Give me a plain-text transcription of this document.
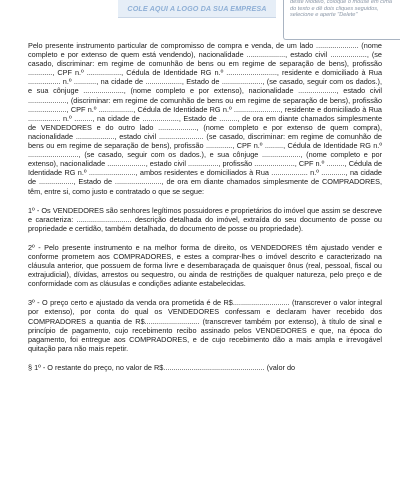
COLE AQUI A LOGO DA SUA EMPRESA
deste Modelo, coloque o mouse em cima do texto e dê dois cliques seguidos, selecione e aperte "Delete"

Pelo presente instrumento particular de compromisso de compra e venda, de um lado ..................... (nome completo e por extenso de quem está vendendo), nacionalidade ..................., estado civil .................., (se casado, discriminar: em regime de comunhão de bens ou em regime de separação de bens), profissão ............, CPF n.º ................., Cédula de Identidade RG n.º ........................., residente e domiciliado à Rua ................ n.º ..........., na cidade de .................., Estado de ...................., (se casado, seguir com os dados.), e sua cônjuge ...................., (nome completo e por extenso), nacionalidade ..................., estado civil ..................., (discriminar: em regime de comunhão de bens ou em regime de separação de bens), profissão ..................., CPF n.º ................., Cédula de Identidade RG n.º ......................., residente e domiciliado à Rua ................ n.º ........., na cidade de .................., Estado de ........., de ora em diante chamados simplesmente de VENDEDORES e do outro lado ..................., (nome completo e por extenso de quem compra), nacionalidade ..................., estado civil ...................... (se casado, discriminar: em regime de comunhão de bens ou em regime de separação de bens), profissão ............., CPF n.º ........., Cédula de Identidade RG n.º ........................., (se casado, seguir com os dados.), e sua cônjuge ..................., (nome completo e por extenso), nacionalidade ..................., estado civil ..............., profissão ...................., CPF n.º ........., Cédula de Identidade RG n.º ......................., ambos residentes e domiciliados à Rua .................. n.º ............, na cidade de ................., Estado de ......................., de ora em diante chamados simplesmente de COMPRADORES, têm, entre si, como justo e contratado o que se segue:

1º - Os VENDEDORES são senhores legítimos possuidores e proprietários do imóvel que assim se descreve e caracteriza: ........................... descrição detalhada do imóvel, extraída do seu documento de posse ou propriedade e certidão, também detalhada, do documento de posse ou propriedade).

2º - Pelo presente instrumento e na melhor forma de direito, os VENDEDORES têm ajustado vender e conforme prometem aos COMPRADORES, e estes a comprar-lhes o imóvel descrito e caracterizado na cláusula anterior, que possuem de forma livre e desembaraçada de quaisquer ônus (real, pessoal, fiscal ou extrajudicial), dívidas, arrestos ou sequestro, ou ainda de restrições de qualquer natureza, pelo preço e de conformidade com as cláusulas e condições adiante estabelecidas.

3º - O preço certo e ajustado da venda ora prometida é de R$............................ (transcrever o valor integral por extenso), por conta do qual os VENDEDORES confessam e declaram haver recebido dos COMPRADORES a quantia de R$........................... (transcrever também por extenso), à título de sinal e princípio de pagamento, cujo recebimento recibo assinado pelos VENDEDORES e que, na época do pagamento, foi entregue aos COMPRADORES, e de cujo recebimento dão a mais ampla e irrevogável quitação para não mais repetir.

§ 1º - O restante do preço, no valor de R$.................................................. (valor do
